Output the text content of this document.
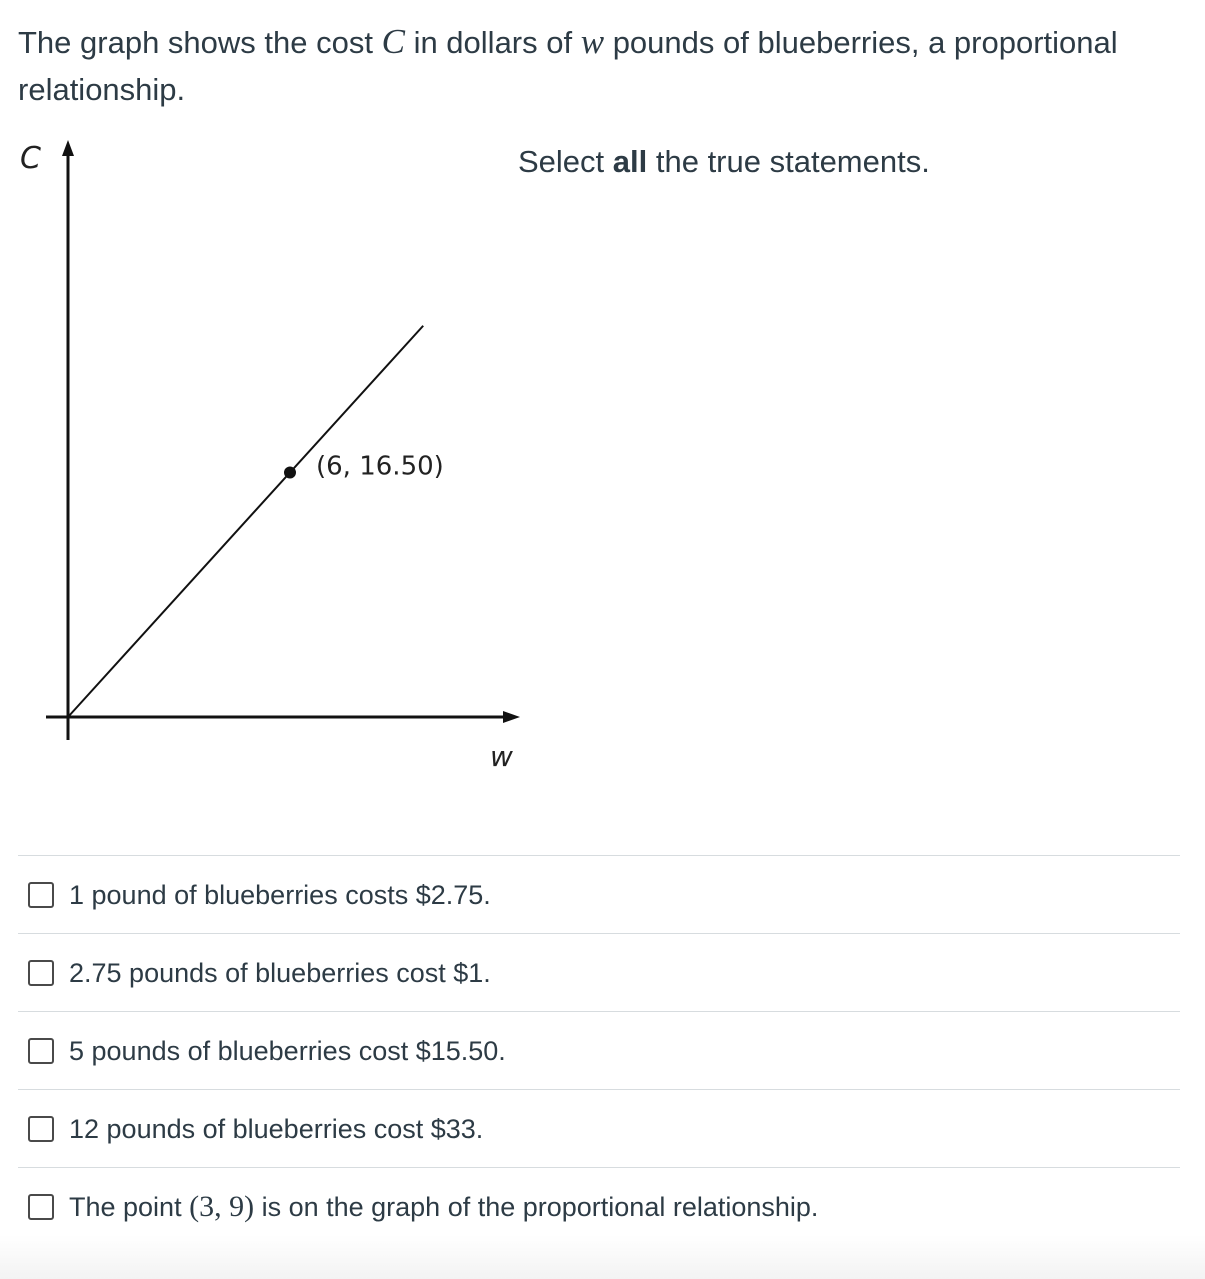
The graph shows the cost C in dollars of w pounds of blueberries, a proportional relationship.
C
w
(6, 16.50)
Select all the true statements.
1 pound of blueberries costs $2.75.
2.75 pounds of blueberries cost $1.
5 pounds of blueberries cost $15.50.
12 pounds of blueberries cost $33.
The point (3, 9) is on the graph of the proportional relationship.
